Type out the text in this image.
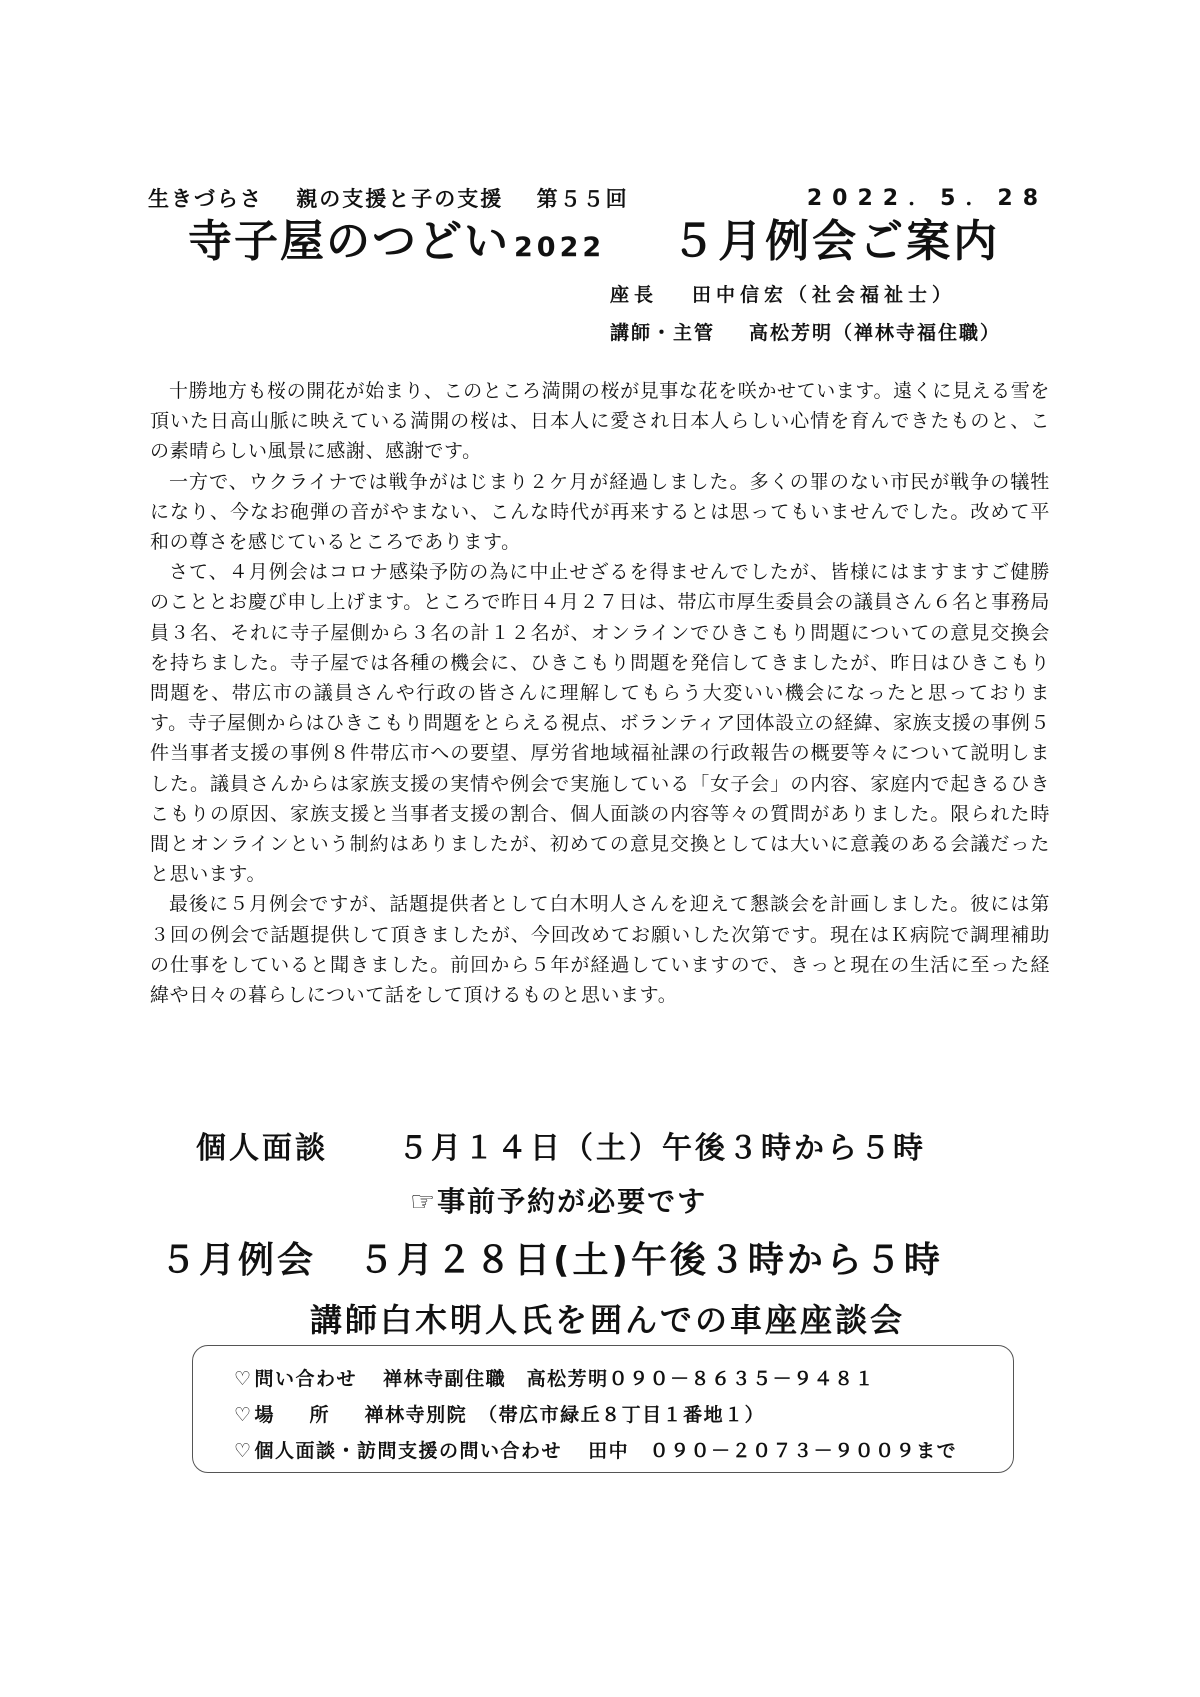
生きづらさ 親の支援と子の支援 第５５回	2022．5．28
寺子屋のつどい 2022 ５月例会ご案内
座長 田中信宏（社会福祉士）
講師・主管 高松芳明（禅林寺福住職）

十勝地方も桜の開花が始まり、このところ満開の桜が見事な花を咲かせています。遠くに見える雪を頂いた日高山脈に映えている満開の桜は、日本人に愛され日本人らしい心情を育んできたものと、この素晴らしい風景に感謝、感謝です。

一方で、ウクライナでは戦争がはじまり２ケ月が経過しました。多くの罪のない市民が戦争の犠牲になり、今なお砲弾の音がやまない、こんな時代が再来するとは思ってもいませんでした。改めて平和の尊さを感じているところであります。

さて、４月例会はコロナ感染予防の為に中止せざるを得ませんでしたが、皆様にはますますご健勝のこととお慶び申し上げます。ところで昨日４月２７日は、帯広市厚生委員会の議員さん６名と事務局員３名、それに寺子屋側から３名の計１２名が、オンラインでひきこもり問題についての意見交換会を持ちました。寺子屋では各種の機会に、ひきこもり問題を発信してきましたが、昨日はひきこもり問題を、帯広市の議員さんや行政の皆さんに理解してもらう大変いい機会になったと思っております。寺子屋側からはひきこもり問題をとらえる視点、ボランティア団体設立の経緯、家族支援の事例５件当事者支援の事例８件帯広市への要望、厚労省地域福祉課の行政報告の概要等々について説明しました。議員さんからは家族支援の実情や例会で実施している「女子会」の内容、家庭内で起きるひきこもりの原因、家族支援と当事者支援の割合、個人面談の内容等々の質問がありました。限られた時間とオンラインという制約はありましたが、初めての意見交換としては大いに意義のある会議だったと思います。

最後に５月例会ですが、話題提供者として白木明人さんを迎えて懇談会を計画しました。彼には第３回の例会で話題提供して頂きましたが、今回改めてお願いした次第です。現在はＫ病院で調理補助の仕事をしていると聞きました。前回から５年が経過していますので、きっと現在の生活に至った経緯や日々の暮らしについて話をして頂けるものと思います。

個人面談 ５月１４日（土）午後３時から５時
☞事前予約が必要です
５月例会 ５月２８日(土)午後３時から５時
講師白木明人氏を囲んでの車座座談会
♡ 問い合わせ 禅林寺副住職　高松芳明０９０－８６３５－９４８１
♡ 場所禅林寺別院　（帯広市緑丘８丁目１番地１）
♡ 個人面談・訪問支援の問い合わせ 田中　０９０－２０７３－９００９まで
